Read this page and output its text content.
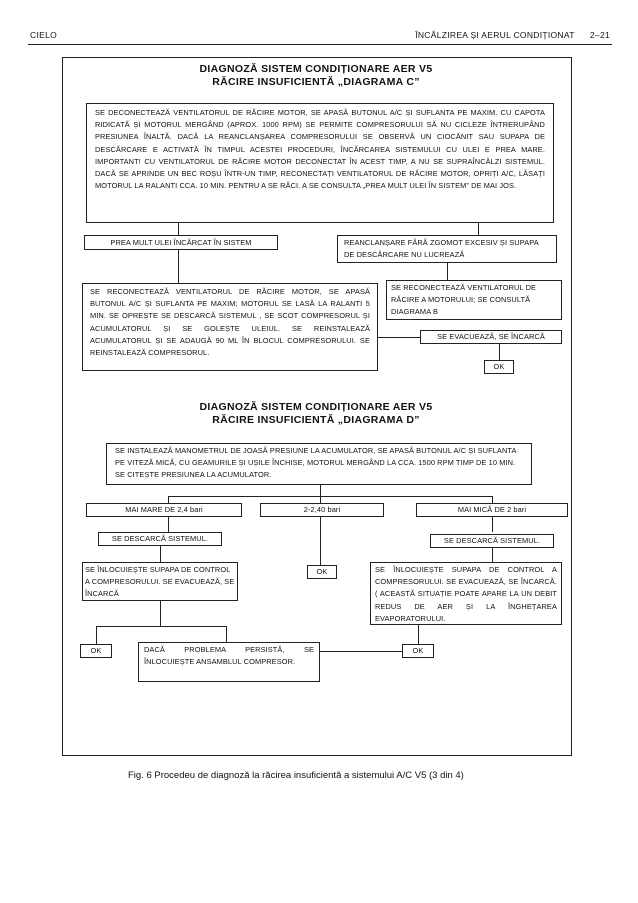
CIELO	ÎNCĂLZIREA ȘI AERUL CONDIȚIONAT 2–21
DIAGNOZĂ SISTEM CONDIȚIONARE AER V5
RĂCIRE INSUFICIENTĂ „DIAGRAMA C”
SE DECONECTEAZĂ VENTILATORUL DE RĂCIRE MOTOR, SE APASĂ BUTONUL A/C ȘI SUFLANTA PE MAXIM. CU CAPOTA RIDICATĂ ȘI MOTORUL MERGÂND (APROX. 1000 RPM) SE PERMITE COMPRESORULUI SĂ NU CICLEZE ÎNTRERUPÂND PRESIUNEA ÎNALTĂ. DACĂ LA REANCLANȘAREA COMPRESORULUI SE OBSERVĂ UN CIOCĂNIT SAU SUPAPA DE DESCĂRCARE E ACTIVATĂ ÎN TIMPUL ACESTEI PROCEDURI, ÎNCĂRCAREA SISTEMULUI CU ULEI E PREA MARE. IMPORTANT! CU VENTILATORUL DE RĂCIRE MOTOR DECONECTAT ÎN ACEST TIMP, A NU SE SUPRAÎNCĂLZI SISTEMUL. DACĂ SE APRINDE UN BEC ROȘU ÎNTR-UN TIMP, RECONECTAȚI VENTILATORUL DE RĂCIRE MOTOR, OPRIȚI A/C, LĂSAȚI MOTORUL LA RALANTI CCA. 10 MIN. PENTRU A SE RĂCI. A SE CONSULTA „PREA MULT ULEI ÎN SISTEM” DE MAI JOS.
PREA MULT ULEI ÎNCĂRCAT ÎN SISTEM	REANCLANȘARE FĂRĂ ZGOMOT EXCESIV ȘI SUPAPA DE DESCĂRCARE NU LUCREAZĂ
SE RECONECTEAZĂ VENTILATORUL DE RĂCIRE MOTOR, SE APASĂ BUTONUL A/C ȘI SUFLANTA PE MAXIM; MOTORUL SE LASĂ LA RALANTI 5 MIN. SE OPREȘTE SE DESCARCĂ SISTEMUL , SE SCOT COMPRESORUL ȘI ACUMULATORUL ȘI SE GOLEȘTE ULEIUL. SE REINSTALEAZĂ ACUMULATORUL ȘI SE ADAUGĂ 90 ML ÎN BLOCUL COMPRESORULUI. SE REINSTALEAZĂ COMPRESORUL.
SE RECONECTEAZĂ VENTILATORUL DE RĂCIRE A MOTORULUI; SE CONSULTĂ DIAGRAMA B
SE EVACUEAZĂ, SE ÎNCARCĂ
OK
DIAGNOZĂ SISTEM CONDIȚIONARE AER V5
RĂCIRE INSUFICIENTĂ „DIAGRAMA D”
SE INSTALEAZĂ MANOMETRUL DE JOASĂ PRESIUNE LA ACUMULATOR, SE APASĂ BUTONUL A/C ȘI SUFLANTA PE VITEZĂ MICĂ, CU GEAMURILE ȘI UȘILE ÎNCHISE, MOTORUL MERGÂND LA CCA. 1500 RPM TIMP DE 10 MIN. SE CITEȘTE PRESIUNEA LA ACUMULATOR.
MAI MARE DE 2,4 bari	2-2,40 bari	MAI MICĂ DE 2 bari
SE DESCARCĂ SISTEMUL.	SE DESCARCĂ SISTEMUL.
SE ÎNLOCUIEȘTE SUPAPA DE CONTROL A COMPRESORULUI. SE EVACUEAZĂ, SE ÎNCARCĂ
OK	SE ÎNLOCUIEȘTE SUPAPA DE CONTROL A COMPRESORULUI. SE EVACUEAZĂ, SE ÎNCARCĂ. ( ACEASTĂ SITUAȚIE POATE APARE LA UN DEBIT REDUS DE AER ȘI LA ÎNGHEȚAREA EVAPORATORULUI.
OK	DACĂ PROBLEMA PERSISTĂ, SE ÎNLOCUIEȘTE ANSAMBLUL COMPRESOR.
OK
Fig. 6 Procedeu de diagnoză la răcirea insuficientă a sistemului A/C V5 (3 din 4)
